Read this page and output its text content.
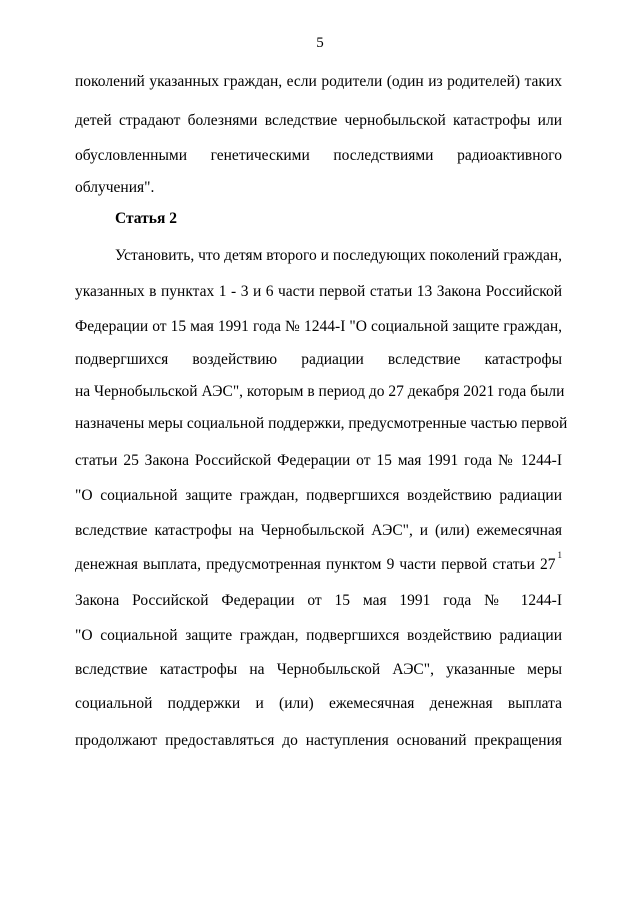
5
поколений указанных граждан, если родители (один из родителей) таких
детей страдают болезнями вследствие чернобыльской катастрофы или
обусловленными генетическими последствиями радиоактивного
облучения".
Статья 2
Установить, что детям второго и последующих поколений граждан,
указанных в пунктах 1 - 3 и 6 части первой статьи 13 Закона Российской
Федерации от 15 мая 1991 года № 1244-I "О социальной защите граждан,
подвергшихся воздействию радиации вследствие катастрофы
на Чернобыльской АЭС", которым в период до 27 декабря 2021 года были
назначены меры социальной поддержки, предусмотренные частью первой
статьи 25 Закона Российской Федерации от 15 мая 1991 года № 1244-I
"О социальной защите граждан, подвергшихся воздействию радиации
вследствие катастрофы на Чернобыльской АЭС", и (или) ежемесячная
денежная выплата, предусмотренная пунктом 9 части первой статьи 27
1
Закона Российской Федерации от 15 мая 1991 года № 1244-I
"О социальной защите граждан, подвергшихся воздействию радиации
вследствие катастрофы на Чернобыльской АЭС", указанные меры
социальной поддержки и (или) ежемесячная денежная выплата
продолжают предоставляться до наступления оснований прекращения
